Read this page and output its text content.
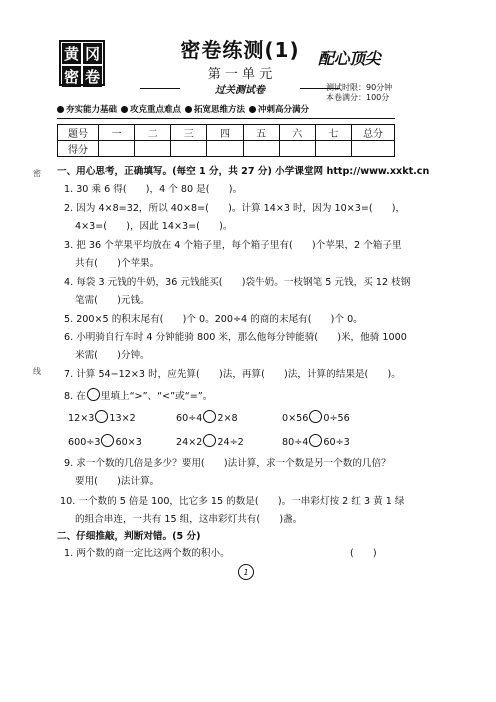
黄 冈
密 卷
密卷练测(1)
第 一 单 元
过关测试卷
配心顶尖
测试时限：90分钟
本卷满分：100分
夯实能力基础 攻克重点难点 拓宽思维方法 冲刺高分满分
题号	一	二	三	四	五	六	七	总分
得分								
密
线
一、用心思考，正确填写。(每空 1 分，共 27 分) 小学课堂网 http://www.xxkt.cn
1. 30 乘 6 得(　　)，4 个 80 是(　　)。
2. 因为 4×8=32，所以 40×8=(　　)。计算 14×3 时，因为 10×3=(　　)，
4×3=(　　)，因此 14×3=(　　)。
3. 把 36 个苹果平均放在 4 个箱子里，每个箱子里有(　　)个苹果，2 个箱子里
共有(　　)个苹果。
4. 每袋 3 元钱的牛奶，36 元钱能买(　　)袋牛奶。一枝钢笔 5 元钱，买 12 枝钢
笔需(　　)元钱。
5. 200×5 的积末尾有(　　)个 0。200÷4 的商的末尾有(　　)个 0。
6. 小明骑自行车时 4 分钟能骑 800 米，那么他每分钟能骑(　　)米，他骑 1000
米需(　　)分钟。
7. 计算 54−12×3 时，应先算(　　)法，再算(　　)法，计算的结果是(　　)。
8. 在 里填上“>”、“<”或“=”。
12×3 13×2	60÷4 2×8	0×56 0÷56
600÷3 60×3	24×2 24÷2	80÷4 60÷3
9. 求一个数的几倍是多少？要用(　　)法计算，求一个数是另一个数的几倍？
要用(　　)法计算。
10. 一个数的 5 倍是 100，比它多 15 的数是(　　)。一串彩灯按 2 红 3 黄 1 绿
的组合串连，一共有 15 组，这串彩灯共有(　　)盏。
二、仔细推敲，判断对错。(5 分)
1. 两个数的商一定比这两个数的积小。	(　　)
1
